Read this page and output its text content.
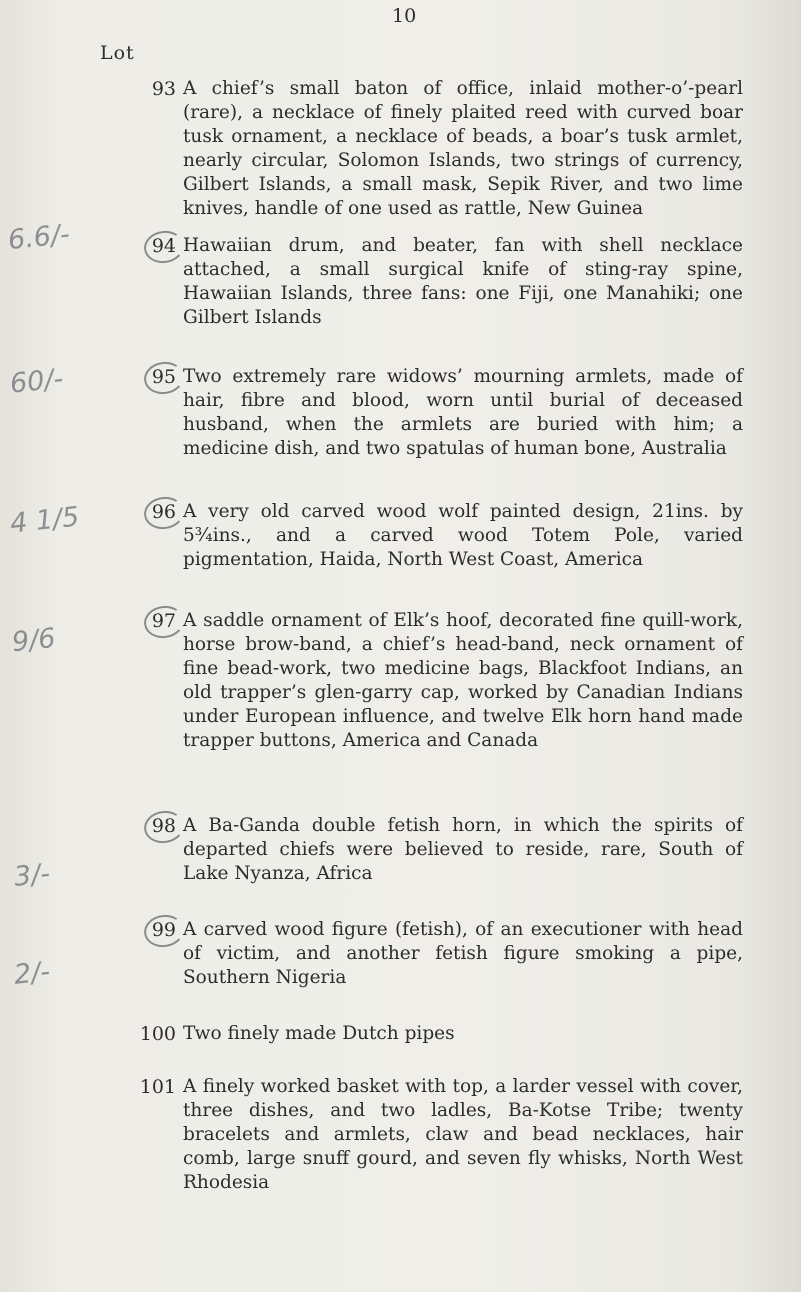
10
Lot
6.6/-
60/-
4 1/5
9/6
3/-
2/-
93 A chief’s small baton of office, inlaid mother-o’-pearl (rare), a necklace of finely plaited reed with curved boar tusk ornament, a necklace of beads, a boar’s tusk armlet, nearly circular, Solomon Islands, two strings of currency, Gilbert Islands, a small mask, Sepik River, and two lime knives, handle of one used as rattle, New Guinea
94 Hawaiian drum, and beater, fan with shell necklace attached, a small surgical knife of sting-ray spine, Hawaiian Islands, three fans: one Fiji, one Manahiki; one Gilbert Islands
95 Two extremely rare widows’ mourning armlets, made of hair, fibre and blood, worn until burial of deceased husband, when the armlets are buried with him; a medicine dish, and two spatulas of human bone, Australia
96 A very old carved wood wolf painted design, 21ins. by 5¾ins., and a carved wood Totem Pole, varied pigmentation, Haida, North West Coast, America
97 A saddle ornament of Elk’s hoof, decorated fine quill-work, horse brow-band, a chief’s head-band, neck ornament of fine bead-work, two medicine bags, Blackfoot Indians, an old trapper’s glen-garry cap, worked by Canadian Indians under European influence, and twelve Elk horn hand made trapper buttons, America and Canada
98 A Ba-Ganda double fetish horn, in which the spirits of departed chiefs were believed to reside, rare, South of Lake Nyanza, Africa
99 A carved wood figure (fetish), of an executioner with head of victim, and another fetish figure smoking a pipe, Southern Nigeria
100 Two finely made Dutch pipes
101 A finely worked basket with top, a larder vessel with cover, three dishes, and two ladles, Ba-Kotse Tribe; twenty bracelets and armlets, claw and bead necklaces, hair comb, large snuff gourd, and seven fly whisks, North West Rhodesia
